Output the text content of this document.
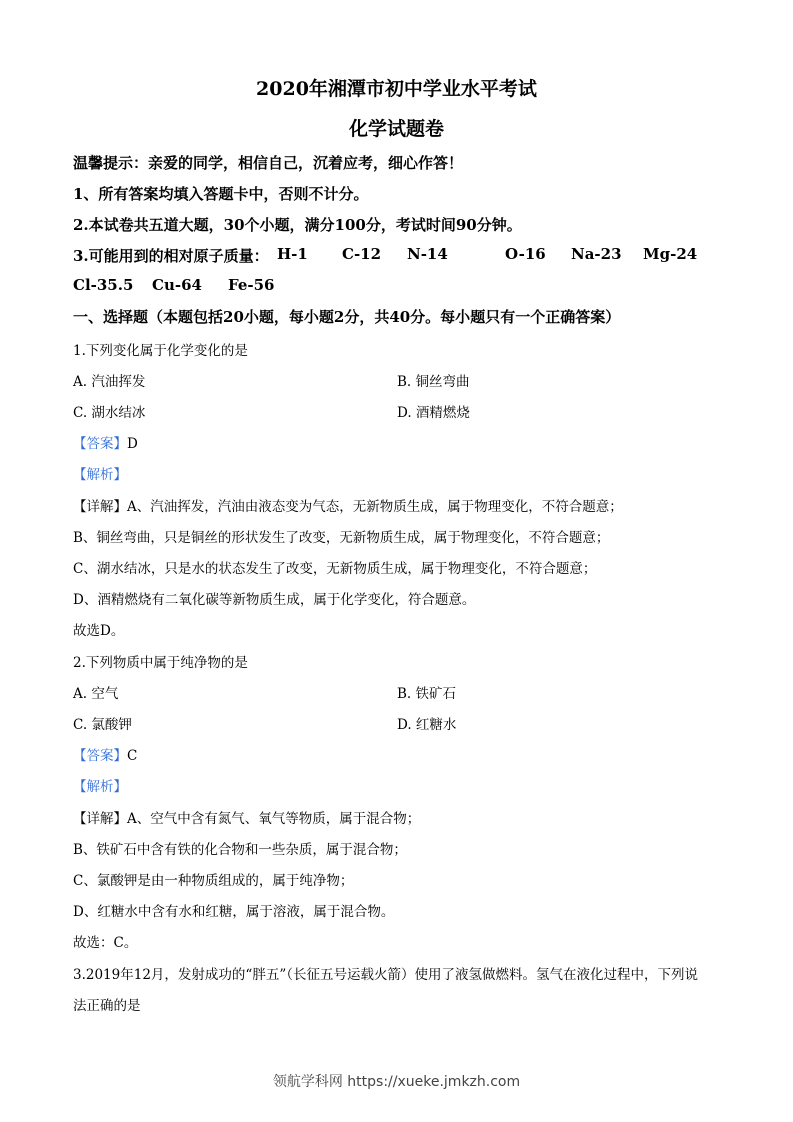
2020年湘潭市初中学业水平考试
化学试题卷
温馨提示：亲爱的同学，相信自己，沉着应考，细心作答！
1、所有答案均填入答题卡中，否则不计分。
2.本试卷共五道大题，30个小题，满分100分，考试时间90分钟。
3.可能用到的相对原子质量： H-1 C-12 N-14	O-16 Na-23 Mg-24
Cl-35.5 Cu-64 Fe-56
一、选择题（本题包括20小题，每小题2分，共40分。每小题只有一个正确答案）
1.下列变化属于化学变化的是
A. 汽油挥发	B. 铜丝弯曲
C. 湖水结冰	D. 酒精燃烧
【答案】D
【解析】
【详解】A、汽油挥发，汽油由液态变为气态，无新物质生成，属于物理变化，不符合题意；
B、铜丝弯曲，只是铜丝的形状发生了改变，无新物质生成，属于物理变化，不符合题意；
C、湖水结冰，只是水的状态发生了改变，无新物质生成，属于物理变化，不符合题意；
D、酒精燃烧有二氧化碳等新物质生成，属于化学变化，符合题意。
故选D。
2.下列物质中属于纯净物的是
A. 空气	B. 铁矿石
C. 氯酸钾	D. 红糖水
【答案】C
【解析】
【详解】A、空气中含有氮气、氧气等物质，属于混合物；
B、铁矿石中含有铁的化合物和一些杂质，属于混合物；
C、氯酸钾是由一种物质组成的，属于纯净物；
D、红糖水中含有水和红糖，属于溶液，属于混合物。
故选：C。
3.2019年12月，发射成功的“胖五”（长征五号运载火箭）使用了液氢做燃料。氢气在液化过程中，下列说
法正确的是
领航学科网 https://xueke.jmkzh.com
